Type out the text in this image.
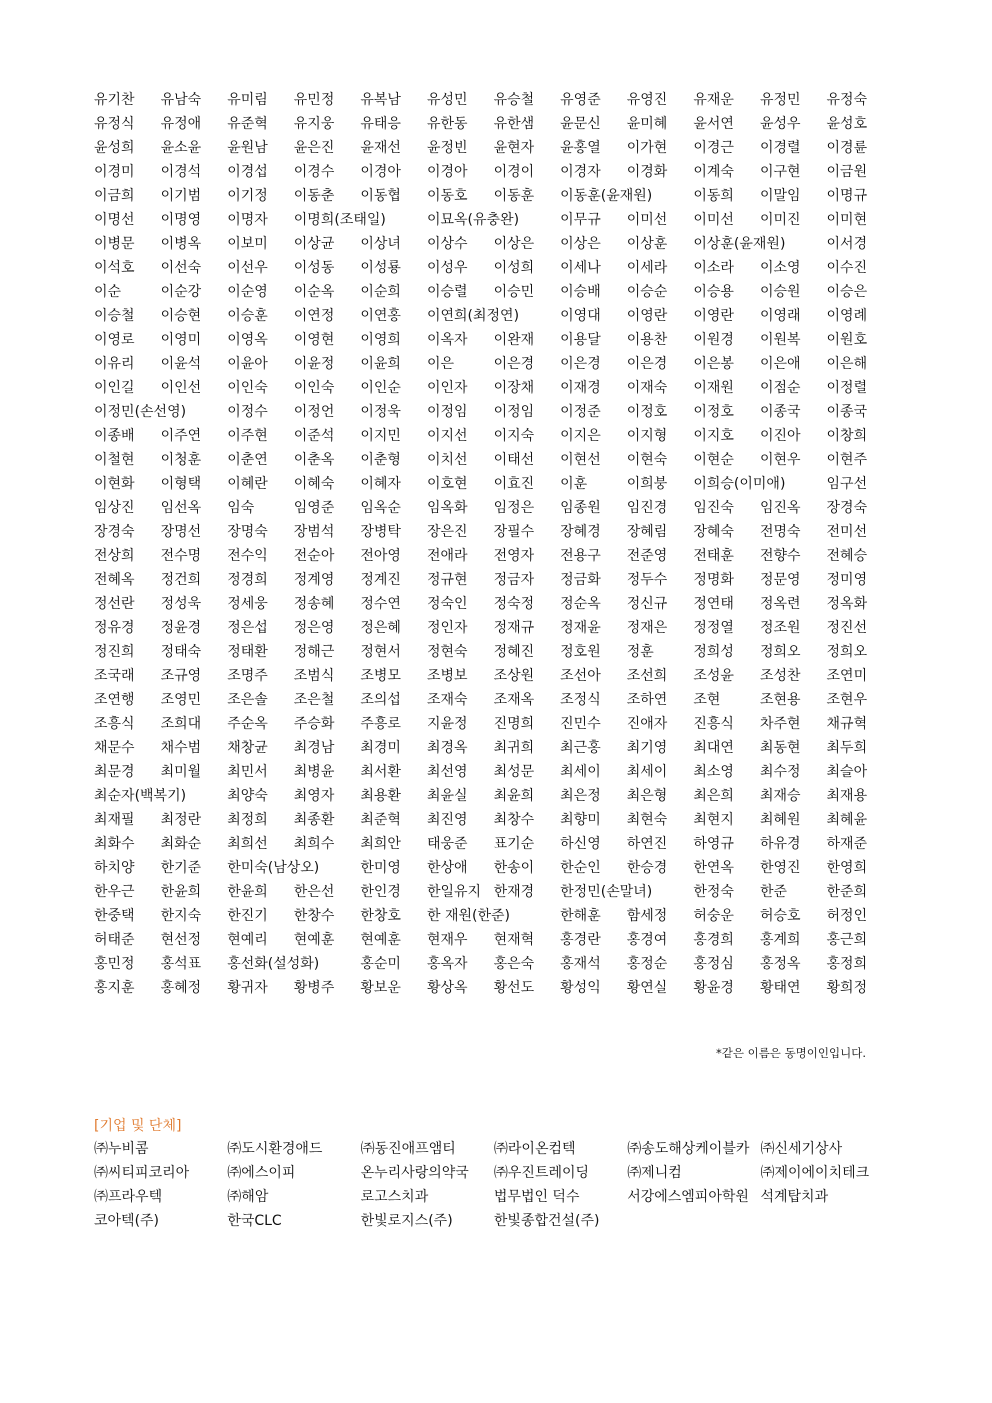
유기찬	유남숙	유미림	유민정	유복남	유성민	유승철	유영준	유영진	유재운	유정민	유정숙
유정식	유정애	유준혁	유지웅	유태응	유한동	유한샘	윤문신	윤미혜	윤서연	윤성우	윤성호
윤성희	윤소윤	윤원남	윤은진	윤재선	윤정빈	윤현자	윤홍열	이가현	이경근	이경렬	이경륜
이경미	이경석	이경섭	이경수	이경아	이경아	이경이	이경자	이경화	이계숙	이구현	이금원
이금희	이기범	이기정	이동춘	이동협	이동호	이동훈	이동훈(윤재원)	이동희	이말임	이명규
이명선	이명영	이명자	이명희(조태일)	이묘옥(유충완)	이무규	이미선	이미선	이미진	이미현
이병문	이병옥	이보미	이상균	이상녀	이상수	이상은	이상은	이상훈	이상훈(윤재원)	이서경
이석호	이선숙	이선우	이성동	이성룡	이성우	이성희	이세나	이세라	이소라	이소영	이수진
이순	이순강	이순영	이순옥	이순희	이승렬	이승민	이승배	이승순	이승용	이승원	이승은
이승철	이승현	이승훈	이연정	이연홍	이연희(최정연)	이영대	이영란	이영란	이영래	이영례
이영로	이영미	이영옥	이영현	이영희	이옥자	이완재	이용달	이용찬	이원경	이원복	이원호
이유리	이윤석	이윤아	이윤정	이윤희	이은	이은경	이은경	이은경	이은봉	이은애	이은해
이인길	이인선	이인숙	이인숙	이인순	이인자	이장채	이재경	이재숙	이재원	이점순	이정렬
이정민(손선영)	이정수	이정언	이정욱	이정임	이정임	이정준	이정호	이정호	이종국	이종국
이종배	이주연	이주현	이준석	이지민	이지선	이지숙	이지은	이지형	이지호	이진아	이창희
이철현	이청훈	이춘연	이춘옥	이춘형	이치선	이태선	이현선	이현숙	이현순	이현우	이현주
이현화	이형택	이혜란	이혜숙	이혜자	이호현	이효진	이훈	이희붕	이희승(이미애)	임구선
임상진	임선옥	임숙	임영준	임옥순	임옥화	임정은	임종원	임진경	임진숙	임진옥	장경숙
장경숙	장명선	장명숙	장범석	장병탁	장은진	장필수	장혜경	장혜림	장혜숙	전명숙	전미선
전상희	전수명	전수익	전순아	전아영	전애라	전영자	전용구	전준영	전태훈	전향수	전혜승
전혜옥	정건희	정경희	정계영	정계진	정규현	정금자	정금화	정두수	정명화	정문영	정미영
정선란	정성욱	정세웅	정송혜	정수연	정숙인	정숙정	정순옥	정신규	정연태	정옥련	정옥화
정유경	정윤경	정은섭	정은영	정은혜	정인자	정재규	정재윤	정재은	정정열	정조원	정진선
정진희	정태숙	정태환	정해근	정현서	정현숙	정혜진	정호원	정훈	정희성	정희오	정희오
조국래	조규영	조명주	조범식	조병모	조병보	조상원	조선아	조선희	조성윤	조성찬	조연미
조연행	조영민	조은솔	조은철	조의섭	조재숙	조재옥	조정식	조하연	조현	조현용	조현우
조흥식	조희대	주순옥	주승화	주흥로	지윤정	진명희	진민수	진애자	진흥식	차주현	채규혁
채문수	채수범	채창균	최경남	최경미	최경옥	최귀희	최근홍	최기영	최대연	최동현	최두희
최문경	최미월	최민서	최병윤	최서환	최선영	최성문	최세이	최세이	최소영	최수정	최슬아
최순자(백복기)	최양숙	최영자	최용환	최윤실	최윤희	최은정	최은형	최은희	최재승	최재용
최재필	최정란	최정희	최종환	최준혁	최진영	최창수	최향미	최현숙	최현지	최혜원	최혜윤
최화수	최화순	최희선	최희수	최희안	태웅준	표기순	하신영	하연진	하영규	하유경	하재준
하치양	한기준	한미숙(남상오)	한미영	한상애	한송이	한순인	한승경	한연옥	한영진	한영희
한우근	한윤희	한윤희	한은선	한인경	한일유지 한재경	한정민(손말녀)	한정숙	한준	한준희
한중택	한지숙	한진기	한창수	한창호	한 재원(한준)	한해훈	함세정	허숭운	허승호	허정인
허태준	현선정	현예리	현예훈	현예훈	현재우	현재혁	홍경란	홍경여	홍경희	홍계희	홍근희
홍민정	홍석표	홍선화(설성화)	홍순미	홍옥자	홍은숙	홍재석	홍정순	홍정심	홍정옥	홍정희
홍지훈	홍혜정	황귀자	황병주	황보운	황상옥	황선도	황성익	황연실	황윤경	황태연	황희정
*같은 이름은 동명이인입니다.
[기업 및 단체]
㈜누비콤	㈜도시환경애드	㈜동진애프앰티	㈜라이온컴텍	㈜송도해상케이블카 ㈜신세기상사
㈜씨티피코리아	㈜에스이피	온누리사랑의약국	㈜우진트레이딩	㈜제니컴	㈜제이에이치테크
㈜프라우텍	㈜해암	로고스치과	법무법인 덕수	서강에스엠피아학원 석계탑치과
코아텍(주)	한국CLC	한빛로지스(주)	한빛종합건설(주)
